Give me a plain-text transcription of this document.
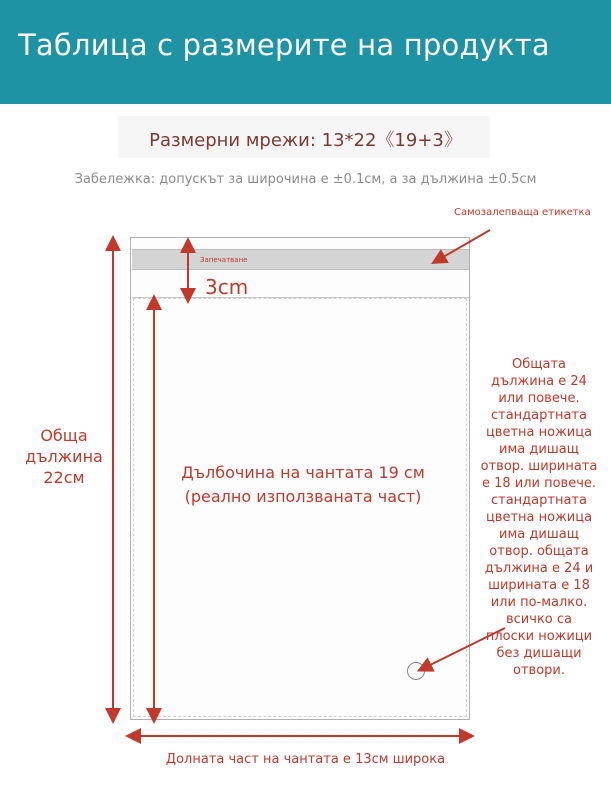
Таблица с размерите на продукта
Размерни мрежи: 13*22《19+3》
Забележка: допускът за широчина е ±0.1cм, а за дължина ±0.5cм
Самозалепваща етикетка
Запечатване
3cm
Обща дължина 22cм	Дълбочина на чантата 19 см (реално използваната част)
Общата дължина е 24 или повече. стандартната цветна ножица има дишащ отвор. ширината е 18 или повече. стандартната цветна ножица има дишащ отвор. общата дължина е 24 и ширината е 18 или по-малко. всичко са плоски ножици без дишащи отвори.
Долната част на чантата е 13cм широка
